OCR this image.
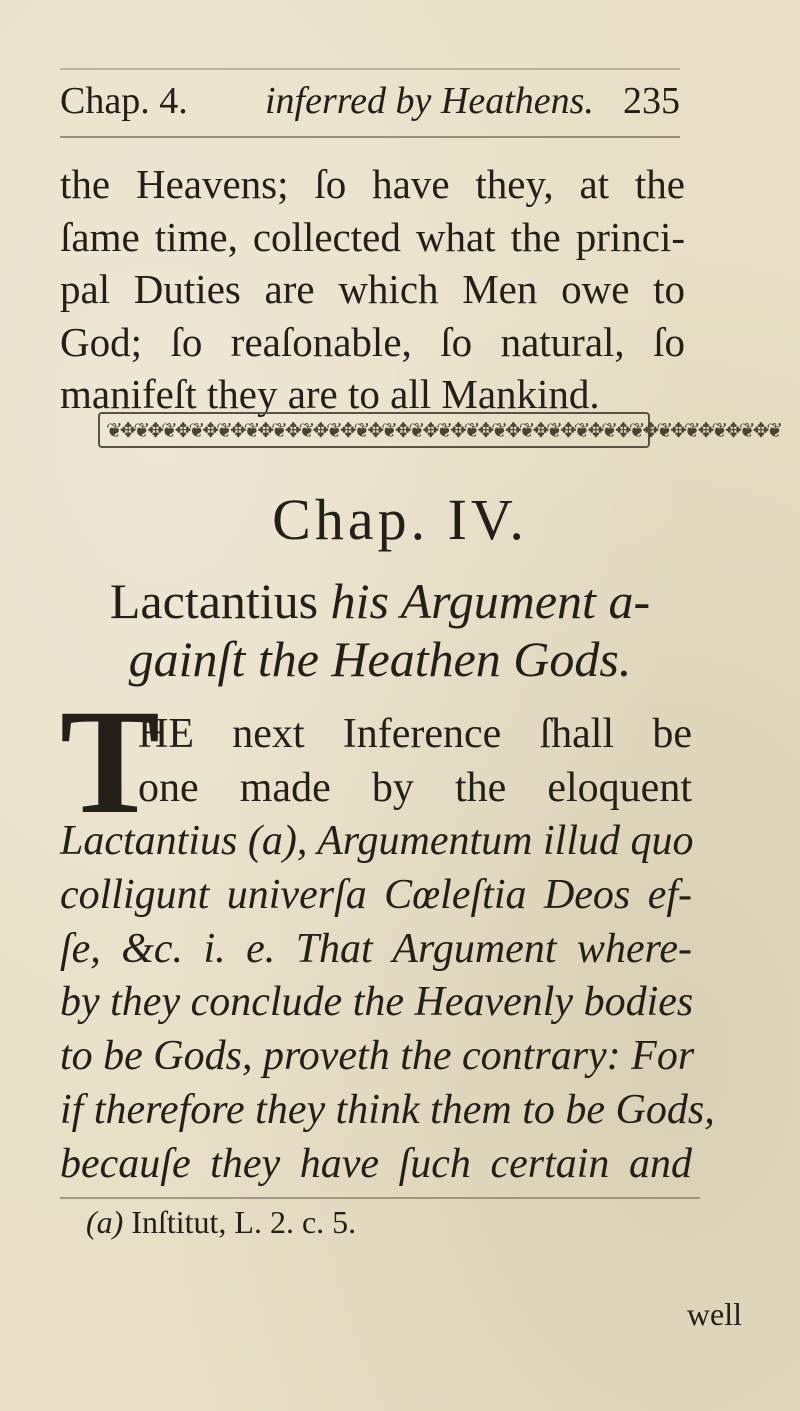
Chap. 4. inferred by Heathens. 235
the Heavens; ſo have they, at the
ſame time, collected what the princi-
pal Duties are which Men owe to
God; ſo reaſonable, ſo natural, ſo
manifeſt they are to all Mankind.
❦✥❦✥❦✥❦✥❦✥❦✥❦✥❦✥❦✥❦✥❦✥❦✥❦✥❦✥❦✥❦✥❦✥❦✥❦✥❦✥❦✥❦✥❦✥❦✥❦
Chap. IV.
Lactantius his Argument a-
gainſt the Heathen Gods.
T
HE next Inference ſhall be
one made by the eloquent
Lactantius (a), Argumentum illud quo
colligunt univerſa Cœleſtia Deos ef-
ſe, &c. i. e. That Argument where-
by they conclude the Heavenly bodies
to be Gods, proveth the contrary: For
if therefore they think them to be Gods,
becauſe they have ſuch certain and
(a) Inſtitut, L. 2. c. 5.
well
